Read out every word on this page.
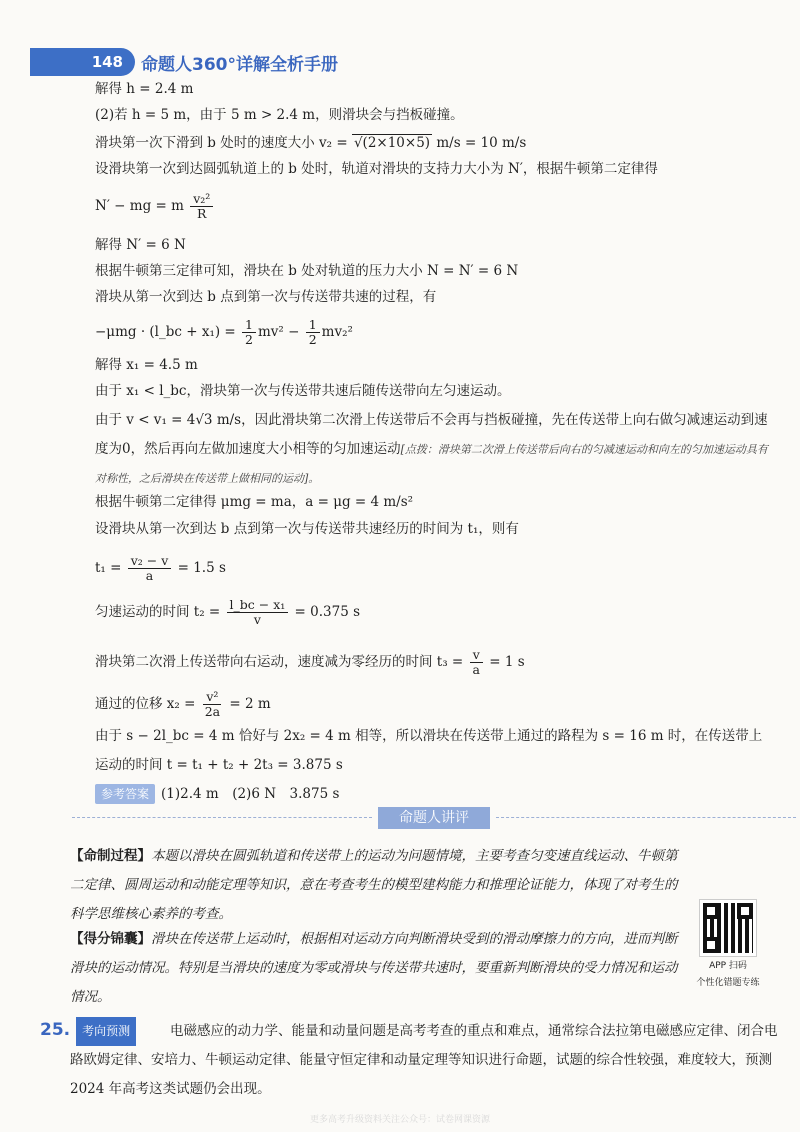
148	命题人360°详解全析手册
解得 h = 2.4 m
(2)若 h = 5 m，由于 5 m > 2.4 m，则滑块会与挡板碰撞。
滑块第一次下滑到 b 处时的速度大小 v₂ = √(2×10×5) m/s = 10 m/s
设滑块第一次到达圆弧轨道上的 b 处时，轨道对滑块的支持力大小为 N′，根据牛顿第二定律得
N′ − mg = m $\frac{\text{v₂²}}{R}$
解得 N′ = 6 N
根据牛顿第三定律可知，滑块在 b 处对轨道的压力大小 N = N′ = 6 N
滑块从第一次到达 b 点到第一次与传送带共速的过程，有
−μmg · (l_bc + $x_1) = \frac{1}{2} mv^2 - \frac{1}{2} mv_2^2$
解得 x₁ = 4.5 m
由于 x₁ < l_bc，滑块第一次与传送带共速后随传送带向左匀速运动。
由于 v < v₁ = 4√3 m/s，因此滑块第二次滑上传送带后不会再与挡板碰撞，先在传送带上向右做匀减速运动到速度为0，然后再向左做加速度大小相等的匀加速运动[点拨：滑块第二次滑上传送带后向右的匀减速运动和向左的匀加速运动具有对称性，之后滑块在传送带上做相同的运动]。
根据牛顿第二定律得 μmg = ma，a = μg = 4 m/s²
设滑块从第一次到达 b 点到第一次与传送带共速经历的时间为 t₁，则有
$t_1 = \frac{\text{v₂ − v}}{a} = 1.5$ s
匀速运动的时间 $t_2 = \frac{\text{l\_bc − x₁}}{v} = 0.375$ s
滑块第二次滑上传送带向右运动，速度减为零经历的时间 $t_3 = \frac{v}{a} = 1$ s
通过的位移 $x_2 = \frac{\text{v²}}{2a} = 2$ m
由于 s − 2l_bc = 4 m 恰好与 2x₂ = 4 m 相等，所以滑块在传送带上通过的路程为 s = 16 m 时，在传送带上运动的时间 t = t₁ + t₂ + 2t₃ = 3.875 s
参考答案 (1)2.4 m　(2)6 N　3.875 s
命题人讲评
【命制过程】本题以滑块在圆弧轨道和传送带上的运动为问题情境，主要考查匀变速直线运动、牛顿第二定律、圆周运动和动能定理等知识，意在考查考生的模型建构能力和推理论证能力，体现了对考生的科学思维核心素养的考查。
【得分锦囊】滑块在传送带上运动时，根据相对运动方向判断滑块受到的滑动摩擦力的方向，进而判断滑块的运动情况。特别是当滑块的速度为零或滑块与传送带共速时，要重新判断滑块的受力情况和运动情况。
APP 扫码
个性化错题专练
25. 考向预测	电磁感应的动力学、能量和动量问题是高考考查的重点和难点，通常综合法拉第电磁感应定律、闭合电路欧姆定律、安培力、牛顿运动定律、能量守恒定律和动量定理等知识进行命题，试题的综合性较强，难度较大，预测 2024 年高考这类试题仍会出现。
更多高考升级资料关注公众号：试卷网课资源
